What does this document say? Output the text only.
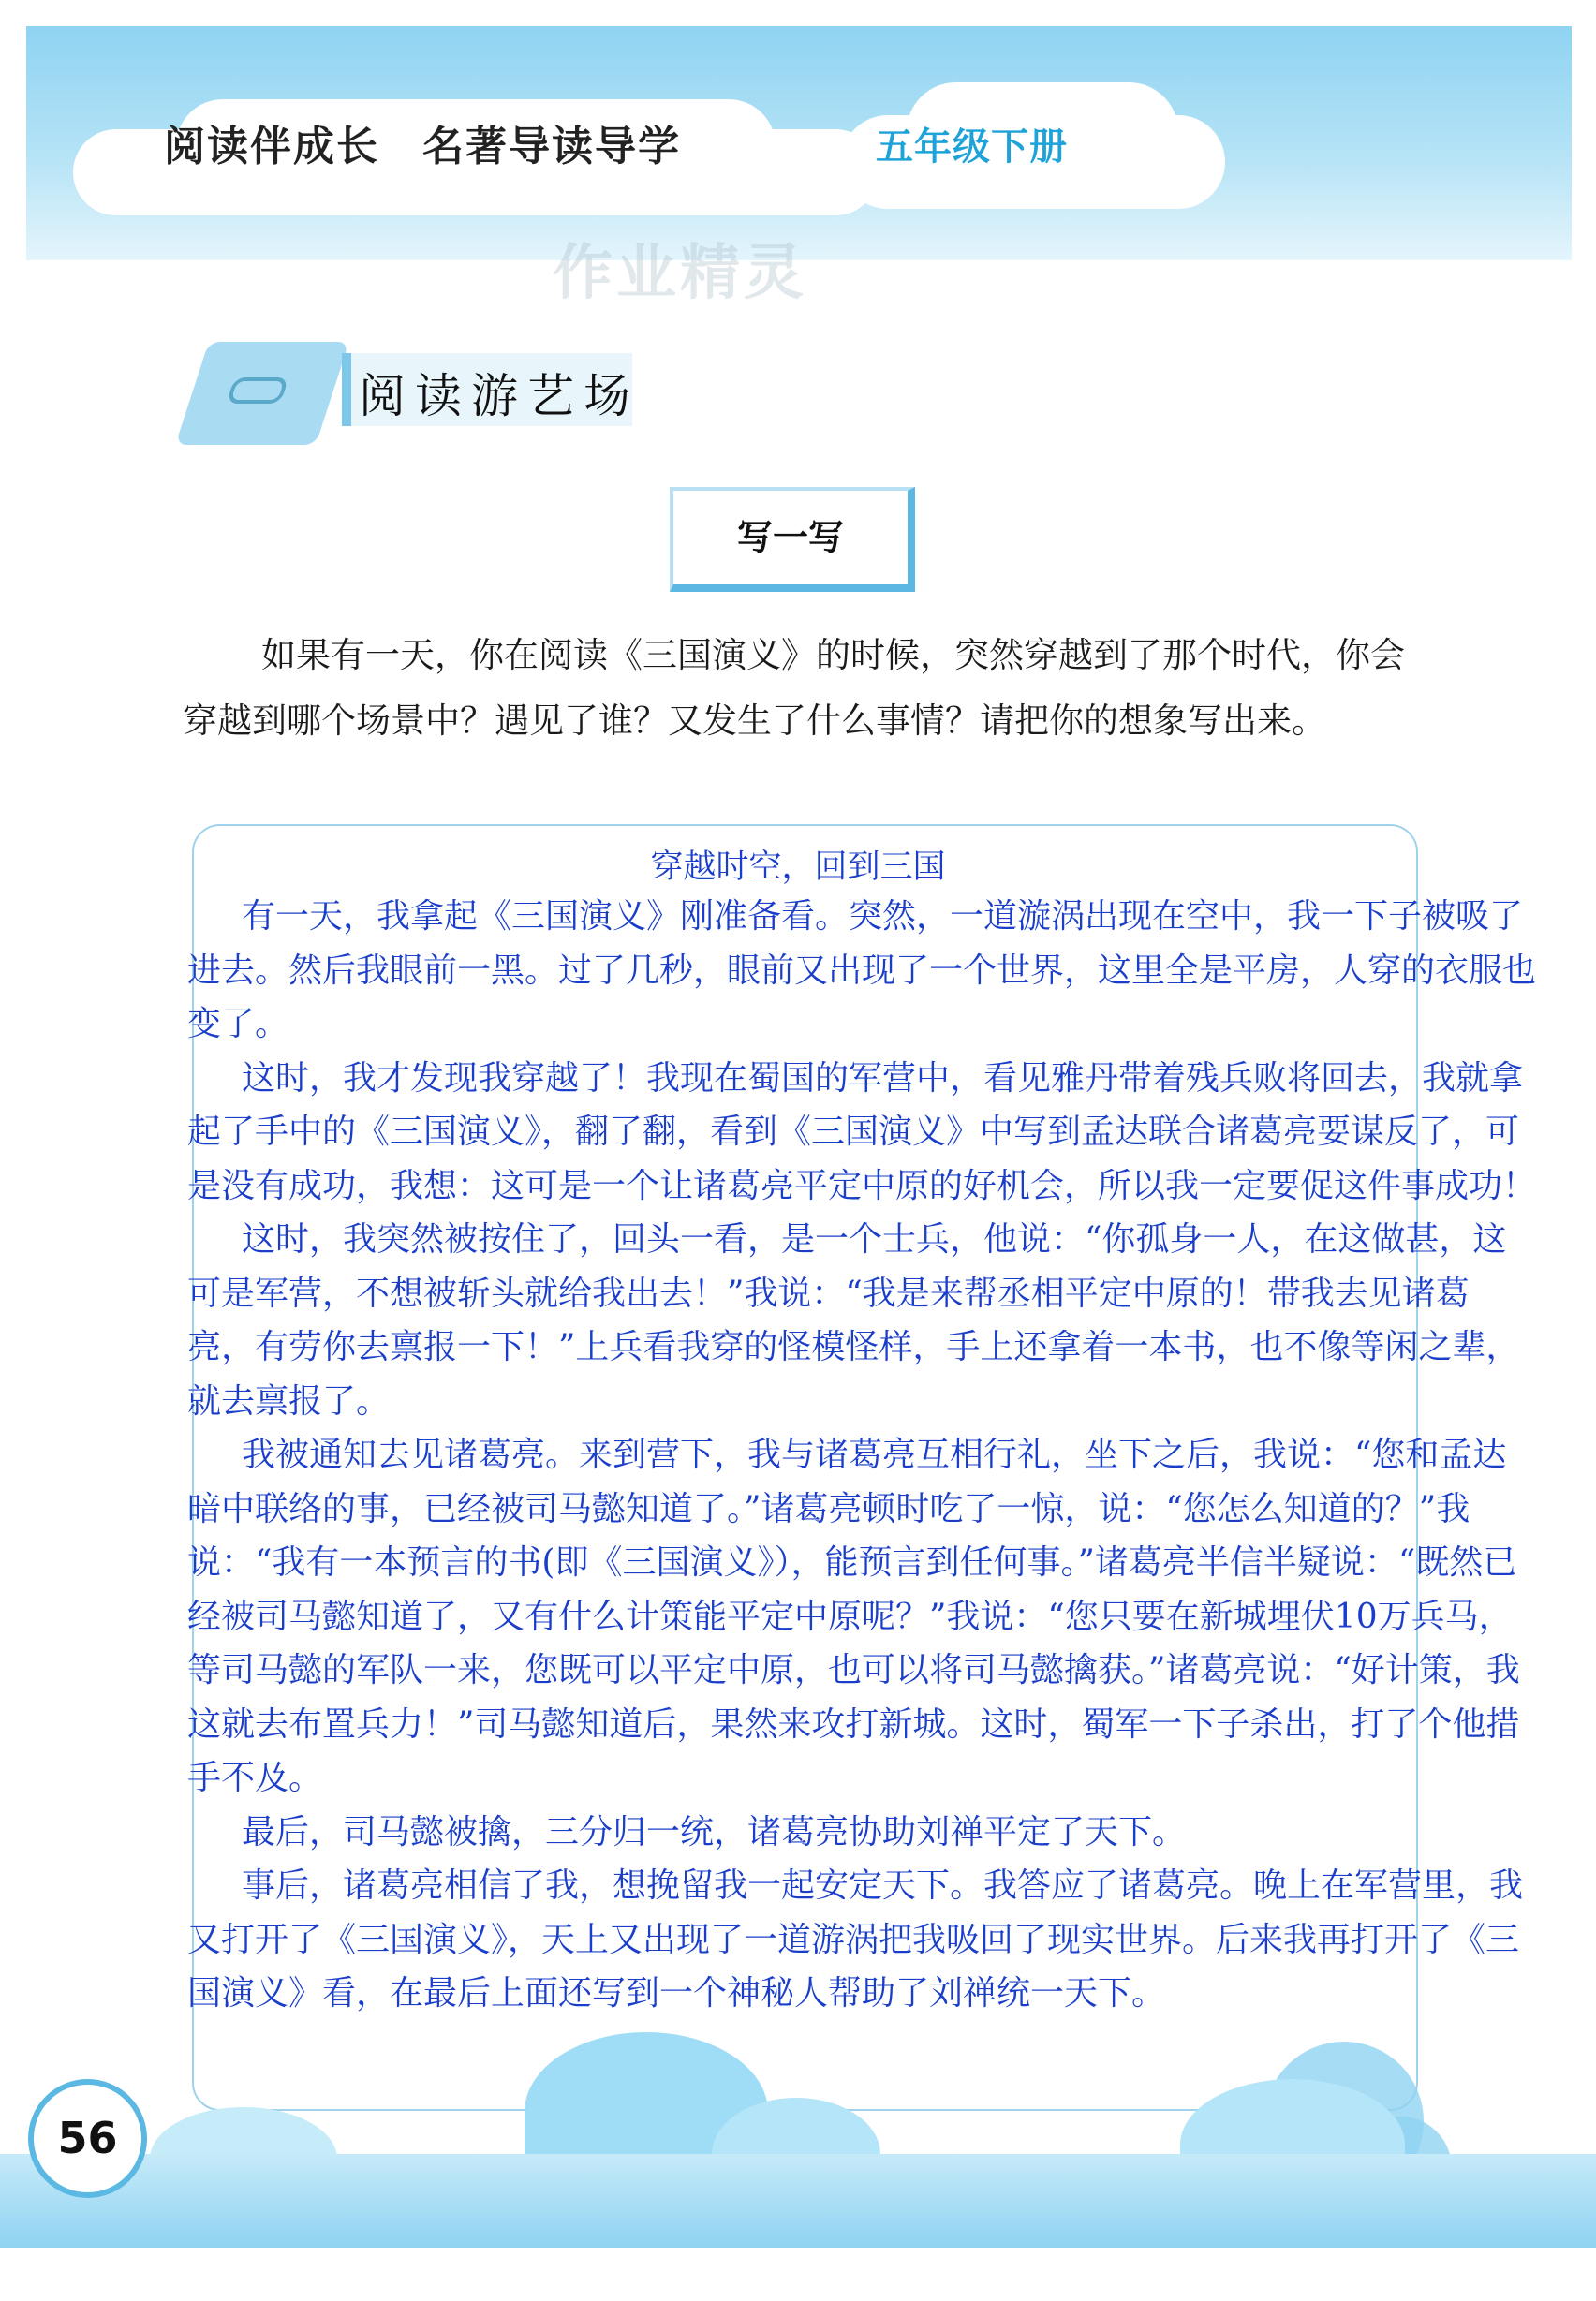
阅读伴成长　名著导读导学	五年级下册
作业精灵
阅读游艺场
写一写
如果有一天，你在阅读《三国演义》的时候，突然穿越到了那个时代，你会穿越到哪个场景中？遇见了谁？又发生了什么事情？请把你的想象写出来。
穿越时空，回到三国

有一天，我拿起《三国演义》刚准备看。突然，一道漩涡出现在空中，我一下子被吸了进去。然后我眼前一黑。过了几秒，眼前又出现了一个世界，这里全是平房，人穿的衣服也变了。

这时，我才发现我穿越了！我现在蜀国的军营中，看见雅丹带着残兵败将回去，我就拿起了手中的《三国演义》，翻了翻，看到《三国演义》中写到孟达联合诸葛亮要谋反了，可是没有成功，我想：这可是一个让诸葛亮平定中原的好机会，所以我一定要促这件事成功！

这时，我突然被按住了，回头一看，是一个士兵，他说：“你孤身一人，在这做甚，这可是军营，不想被斩头就给我出去！”我说：“我是来帮丞相平定中原的！带我去见诸葛亮，有劳你去禀报一下！”上兵看我穿的怪模怪样，手上还拿着一本书，也不像等闲之辈，就去禀报了。

我被通知去见诸葛亮。来到营下，我与诸葛亮互相行礼，坐下之后，我说：“您和孟达暗中联络的事，已经被司马懿知道了。”诸葛亮顿时吃了一惊，说：“您怎么知道的？”我说：“我有一本预言的书(即《三国演义》），能预言到任何事。”诸葛亮半信半疑说：“既然已经被司马懿知道了，又有什么计策能平定中原呢？”我说：“您只要在新城埋伏10万兵马，等司马懿的军队一来，您既可以平定中原，也可以将司马懿擒获。”诸葛亮说：“好计策，我这就去布置兵力！”司马懿知道后，果然来攻打新城。这时，蜀军一下子杀出，打了个他措手不及。

最后，司马懿被擒，三分归一统，诸葛亮协助刘禅平定了天下。

事后，诸葛亮相信了我，想挽留我一起安定天下。我答应了诸葛亮。晚上在军营里，我又打开了《三国演义》，天上又出现了一道游涡把我吸回了现实世界。后来我再打开了《三国演义》看，在最后上面还写到一个神秘人帮助了刘禅统一天下。

56
